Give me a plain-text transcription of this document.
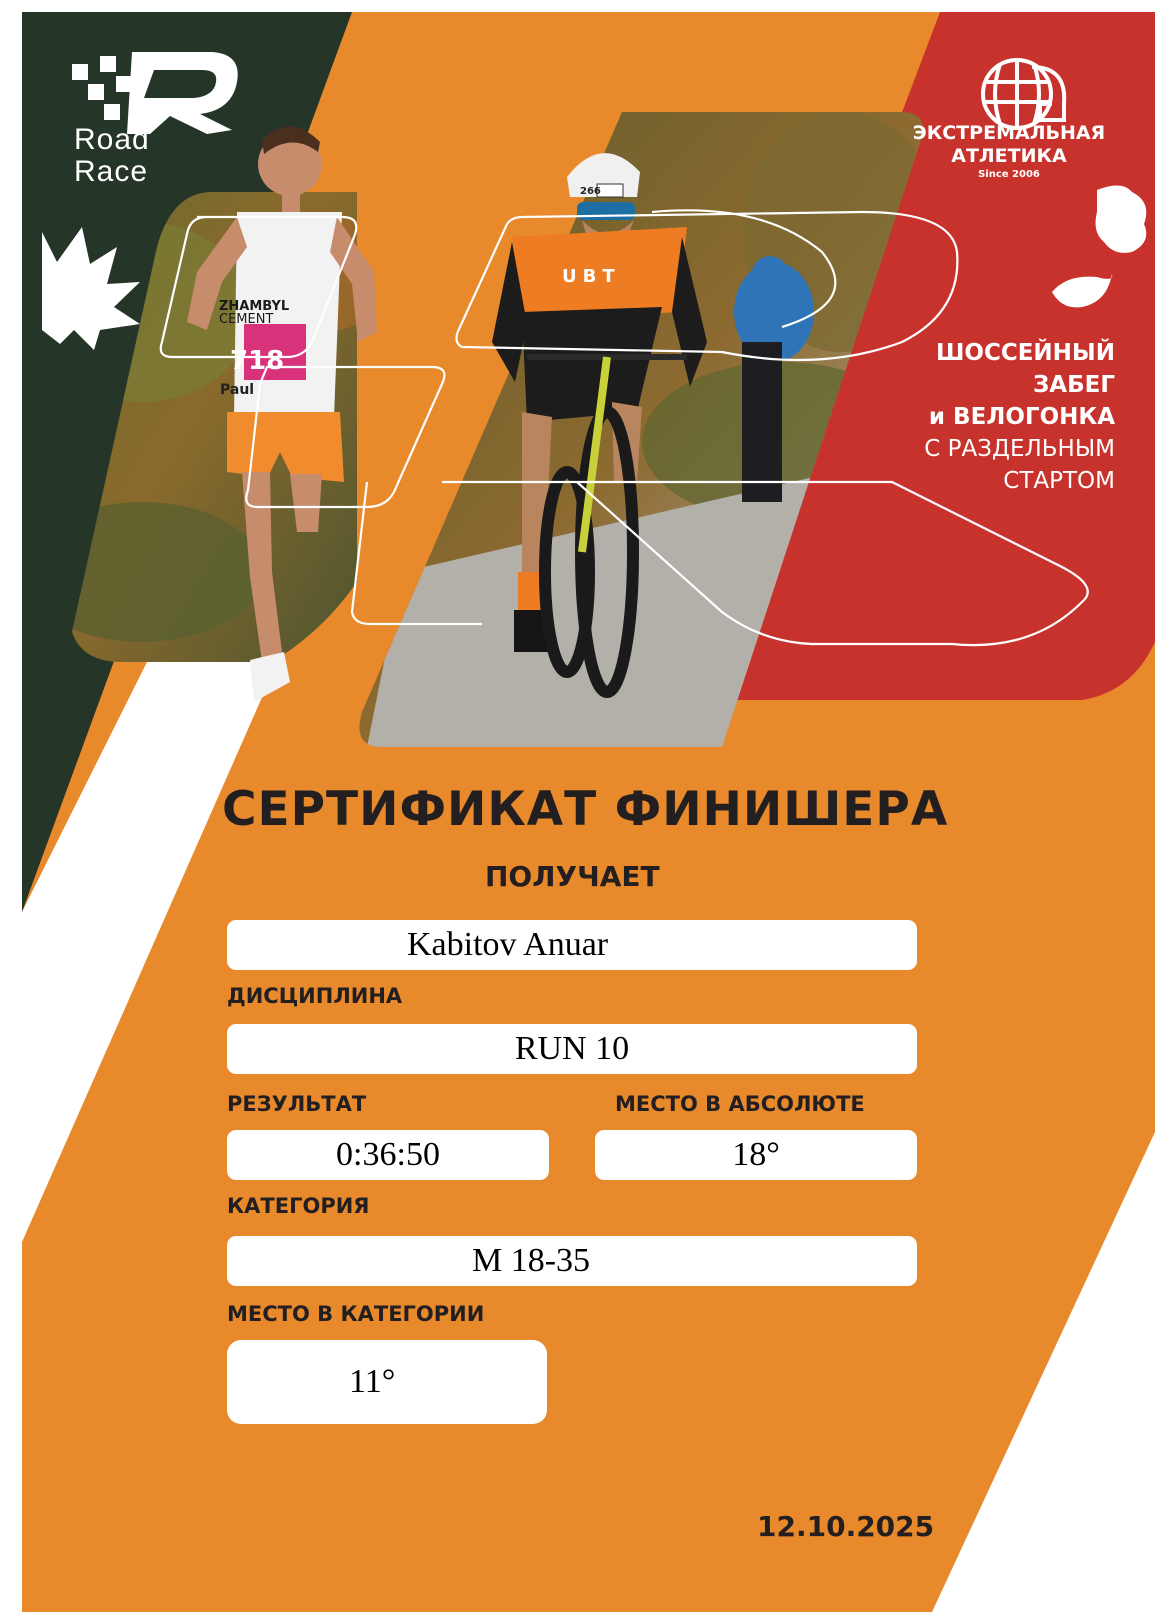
Road
Race
ЭКСТРЕМАЛЬНАЯ
АТЛЕТИКА
Since 2006
ШОССЕЙНЫЙ
ЗАБЕГ
и ВЕЛОГОНКА
С РАЗДЕЛЬНЫМ
СТАРТОМ
ZHAMBYL
CEMENT
718
Paul
266
UBT
СЕРТИФИКАТ ФИНИШЕРА
ПОЛУЧАЕТ
Kabitov Anuar
ДИСЦИПЛИНА
RUN 10
РЕЗУЛЬТАТ	МЕСТО В АБСОЛЮТЕ
0:36:50	18°
КАТЕГОРИЯ
M 18-35
МЕСТО В КАТЕГОРИИ
11°
12.10.2025
